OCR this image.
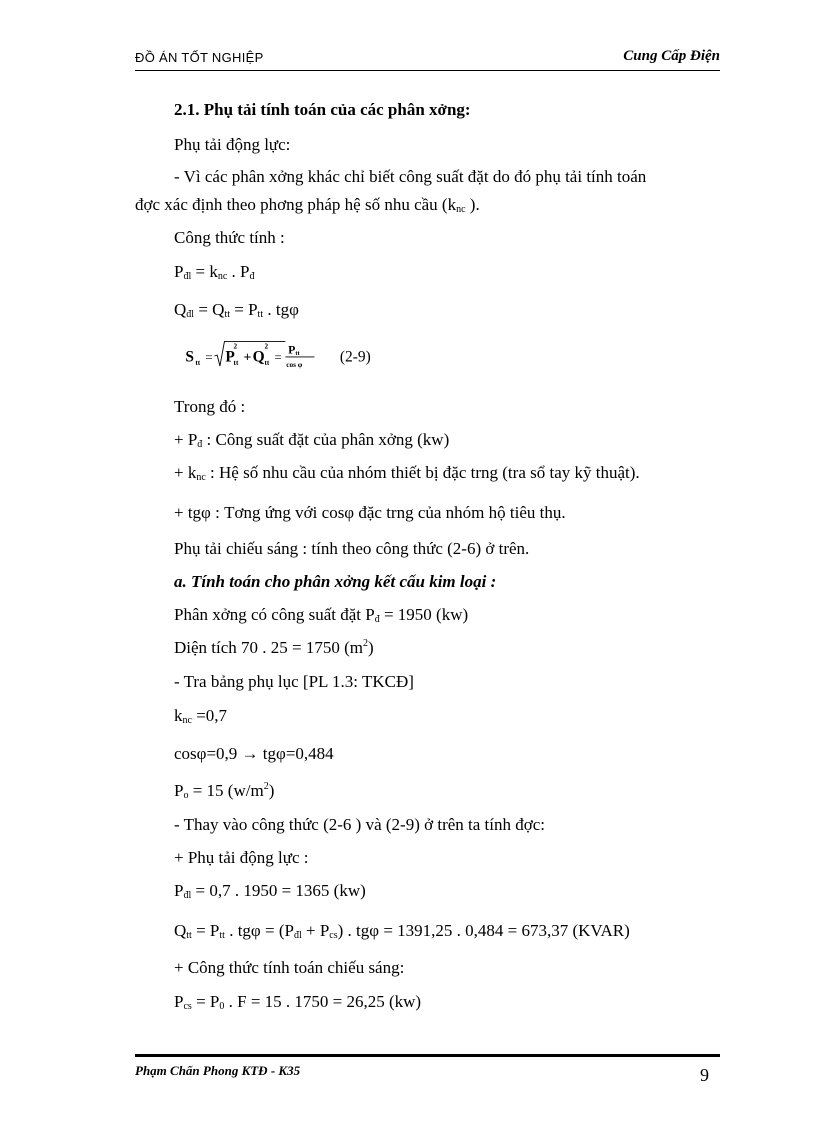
ĐỒ ÁN TỐT NGHIỆP	Cung Cấp Điện
2.1. Phụ tải tính toán của các phân xởng:
Phụ tải động lực:
- Vì các phân xởng khác chỉ biết công suất đặt do đó phụ tải tính toán
đợc xác định theo phơng pháp hệ số nhu cầu ($k_{nc}$ ).
Công thức tính :
$P_{đl} = k_{nc}$ . $P_đ$
$Q_{đl} = Q_{tt} = P_{tt}$ . tgφ
S tt = P
2
tt + Q
2
tt =
P tt
cos φ (2-9)
Trong đó :
+ $P_đ$ : Công suất đặt của phân xởng (kw)
+ $k_{nc}$ : Hệ số nhu cầu của nhóm thiết bị đặc trng (tra sổ tay kỹ thuật).
+ tgφ : Tơng ứng với cosφ đặc trng của nhóm hộ tiêu thụ.
Phụ tải chiếu sáng : tính theo công thức (2-6) ở trên.
a. Tính toán cho phân xởng kết cấu kim loại :
Phân xởng có công suất đặt $P_đ = 1950$ (kw)
Diện tích 70 . 25 = 1750 $(m^2)$
- Tra bảng phụ lục [PL 1.3: TKCĐ]
$k_{nc} =0,7$
cosφ=0,9 → tgφ=0,484
$P_o = 15$ $(w/m^2)$
- Thay vào công thức (2-6 ) và (2-9) ở trên ta tính đợc:
+ Phụ tải động lực :
$P_{đl} = 0,7$ . 1950 = 1365 (kw)
$Q_{tt} = P_{tt}$ . $tg\varphi = (P_{đl} + P_{cs})$ . tgφ = 1391,25 . 0,484 = 673,37 (KVAR)
+ Công thức tính toán chiếu sáng:
$P_{cs} = P_0$ . F = 15 . 1750 = 26,25 (kw)
Phạm Chấn Phong KTĐ - K35	9
